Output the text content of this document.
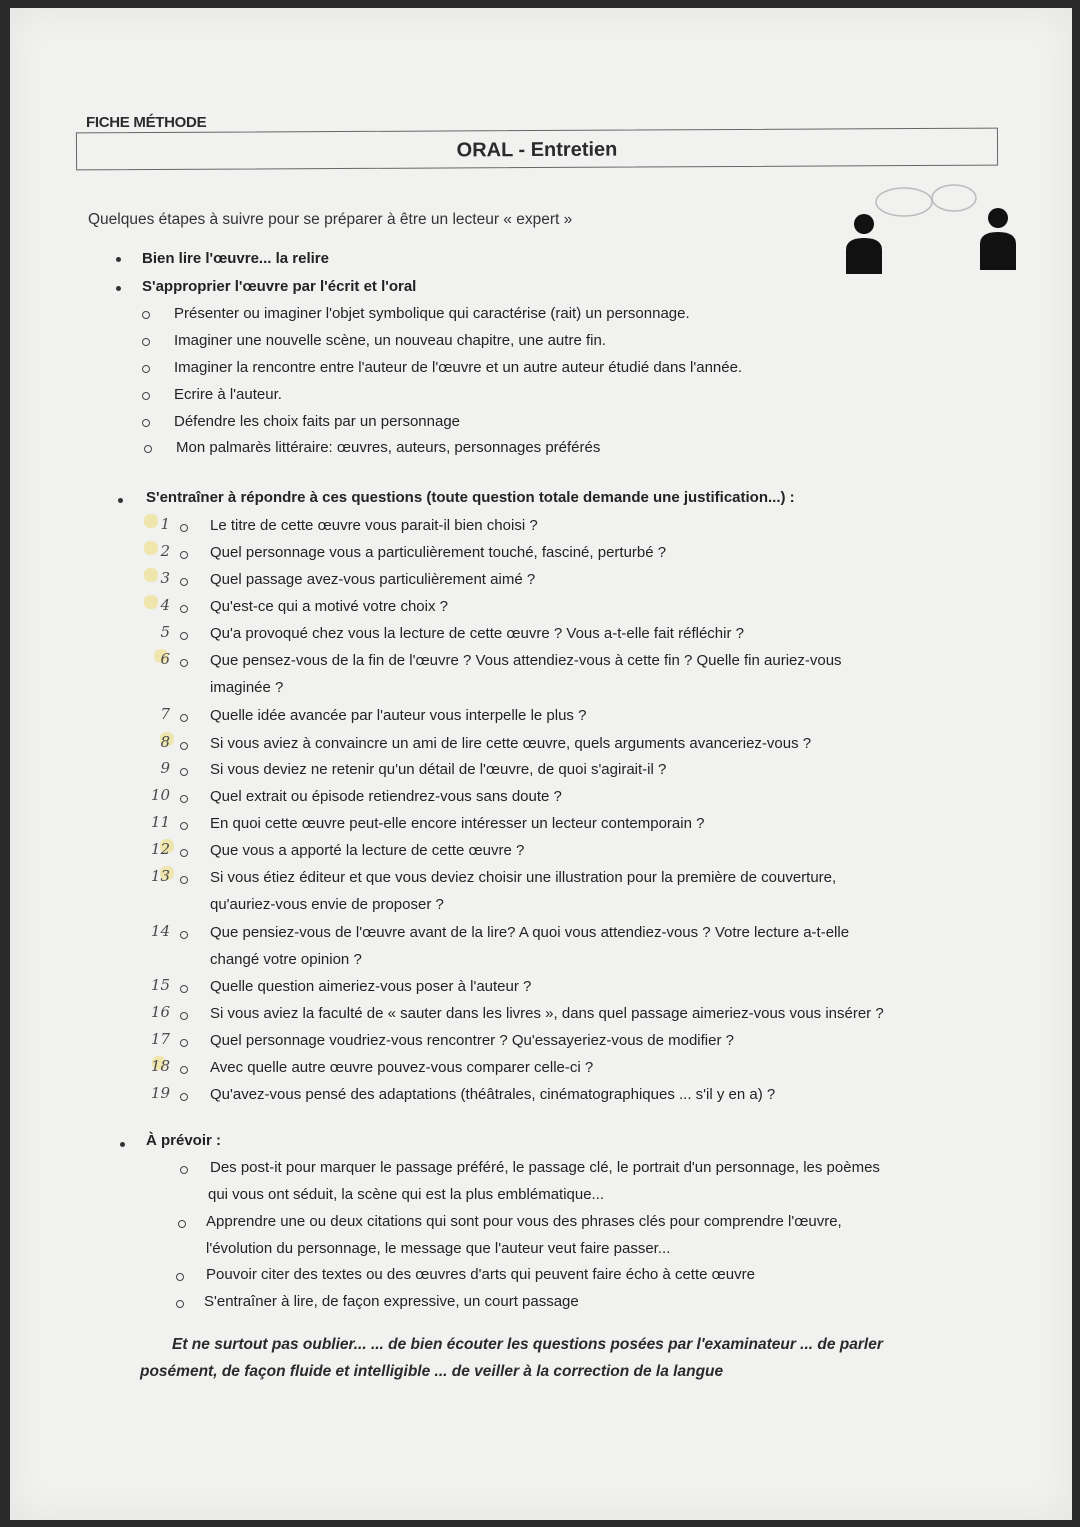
FICHE MÉTHODE
ORAL - Entretien
Quelques étapes à suivre pour se préparer à être un lecteur « expert »
Bien lire l'œuvre... la relire
S'approprier l'œuvre par l'écrit et l'oral
Présenter ou imaginer l'objet symbolique qui caractérise (rait) un personnage.
Imaginer une nouvelle scène, un nouveau chapitre, une autre fin.
Imaginer la rencontre entre l'auteur de l'œuvre et un autre auteur étudié dans l'année.
Ecrire à l'auteur.
Défendre les choix faits par un personnage
Mon palmarès littéraire: œuvres, auteurs, personnages préférés
S'entraîner à répondre à ces questions (toute question totale demande une justification...) :
1	Le titre de cette œuvre vous parait-il bien choisi ?
2	Quel personnage vous a particulièrement touché, fasciné, perturbé ?
3	Quel passage avez-vous particulièrement aimé ?
4	Qu'est-ce qui a motivé votre choix ?
5	Qu'a provoqué chez vous la lecture de cette œuvre ? Vous a-t-elle fait réfléchir ?
6	Que pensez-vous de la fin de l'œuvre ? Vous attendiez-vous à cette fin ? Quelle fin auriez-vous
imaginée ?
7	Quelle idée avancée par l'auteur vous interpelle le plus ?
8	Si vous aviez à convaincre un ami de lire cette œuvre, quels arguments avanceriez-vous ?
9	Si vous deviez ne retenir qu'un détail de l'œuvre, de quoi s'agirait-il ?
10	Quel extrait ou épisode retiendrez-vous sans doute ?
11	En quoi cette œuvre peut-elle encore intéresser un lecteur contemporain ?
12	Que vous a apporté la lecture de cette œuvre ?
13	Si vous étiez éditeur et que vous deviez choisir une illustration pour la première de couverture,
qu'auriez-vous envie de proposer ?
14	Que pensiez-vous de l'œuvre avant de la lire? A quoi vous attendiez-vous ? Votre lecture a-t-elle
changé votre opinion ?
15	Quelle question aimeriez-vous poser à l'auteur ?
16	Si vous aviez la faculté de « sauter dans les livres », dans quel passage aimeriez-vous vous insérer ?
17	Quel personnage voudriez-vous rencontrer ? Qu'essayeriez-vous de modifier ?
18	Avec quelle autre œuvre pouvez-vous comparer celle-ci ?
19	Qu'avez-vous pensé des adaptations (théâtrales, cinématographiques ... s'il y en a) ?
À prévoir :
Des post-it pour marquer le passage préféré, le passage clé, le portrait d'un personnage, les poèmes
qui vous ont séduit, la scène qui est la plus emblématique...
Apprendre une ou deux citations qui sont pour vous des phrases clés pour comprendre l'œuvre,
l'évolution du personnage, le message que l'auteur veut faire passer...
Pouvoir citer des textes ou des œuvres d'arts qui peuvent faire écho à cette œuvre
S'entraîner à lire, de façon expressive, un court passage
Et ne surtout pas oublier... ... de bien écouter les questions posées par l'examinateur ... de parler
posément, de façon fluide et intelligible ... de veiller à la correction de la langue
